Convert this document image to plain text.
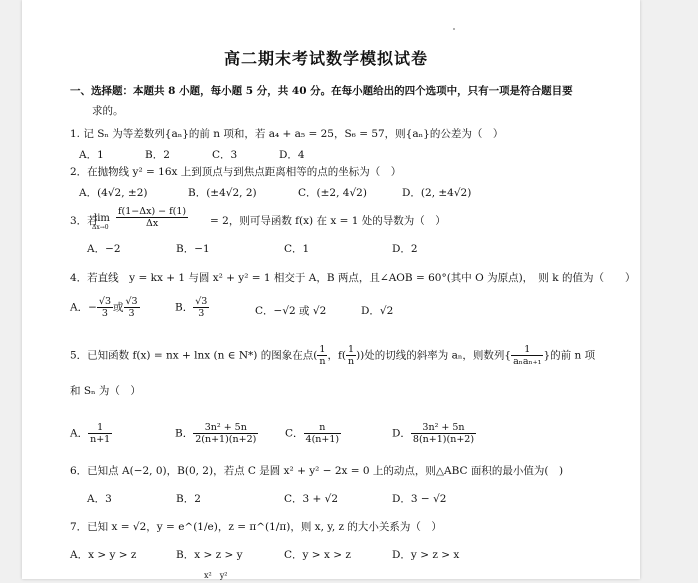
高二期末考试数学模拟试卷
一、选择题：本题共 8 小题，每小题 5 分，共 40 分。在每小题给出的四个选项中，只有一项是符合题目要
求的。
1. 记 Sₙ 为等差数列{aₙ}的前 n 项和，若 a₄ + a₅ = 25，S₆ = 57，则{aₙ}的公差为（　）
A．1	B．2	C．3	D．4
2．在抛物线 y² = 16x 上到顶点与到焦点距离相等的点的坐标为（　）
A．(4√2, ±2)	B．(±4√2, 2)	C．(±2, 4√2)	D．(2, ±4√2)
3．若
lim
$\Delta x\to 0 \frac{f(1-\Delta x) - f(1)}{\Delta x} = 2$，则可导函数 f(x) 在 x = 1 处的导数为（　）
A．−2	B．−1	C．1	D．2
4．若直线　y = kx + 1 与圆 x² + y² = 1 相交于 A，B 两点，且∠AOB = 60°(其中 O 为原点)，　则 k 的值为（　　）
A．− $\frac{√3}{3}$ 或 $\frac{√3}{3}$	B． $\frac{√3}{3}$	C．−√2 或 √2	D．√2
5．已知函数 f(x) = nx + lnx (n ∈ N*) 的图象在点( $\frac{1}{n}$ ，$f( \frac{1}{n}$ ))处的切线的斜率为 aₙ，则数列{ $\frac{1}{\text{aₙaₙ₊₁}}$ }的前 n 项
和 Sₙ 为（　）
A． $\frac{1}{n+1}$	B． $\frac{\text{3n² + 5n}}{2(n+1)(n+2)}$	C． $\frac{n}{4(n+1)}$	D． $\frac{\text{3n² + 5n}}{8(n+1)(n+2)}$
6．已知点 A(−2, 0)，B(0, 2)，若点 C 是圆 x² + y² − 2x = 0 上的动点，则△ABC 面积的最小值为(　)
A．3	B．2	C．3 + √2	D．3 − √2
7．已知 x = √2，y = e^(1/e)，z = π^(1/π)，则 x, y, z 的大小关系为（　）
A．x > y > z	B．x > z > y	C．y > x > z	D．y > z > x
x²　y²
